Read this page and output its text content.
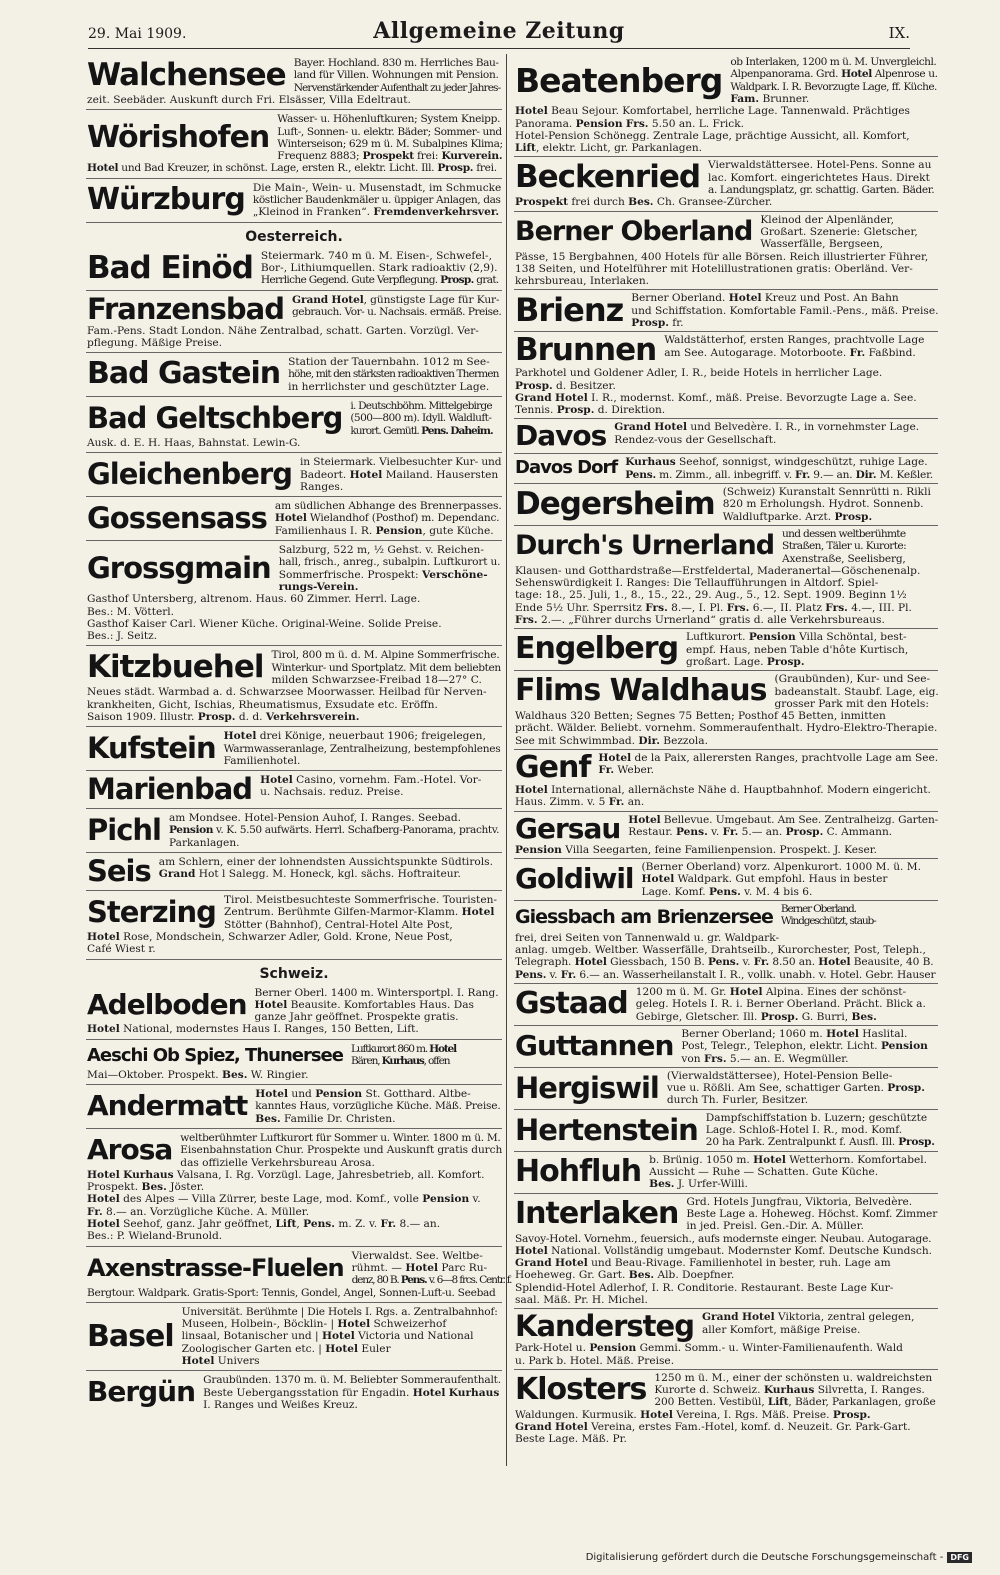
29. Mai 1909.	Allgemeine Zeitung	IX.
Walchensee Bayer. Hochland. 830 m. Herrliches Bau-
land für Villen. Wohnungen mit Pension.
Nervenstärkender Aufenthalt zu jeder Jahres-
zeit. Seebäder. Auskunft durch Fri. Elsässer, Villa Edeltraut.
Wörishofen
Wasser- u. Höhenluftkuren; System Kneipp.
Luft-, Sonnen- u. elektr. Bäder; Sommer- und
Winterseison; 629 m ü. M. Subalpines Klima;
Frequenz 8883; Prospekt frei: Kurverein.
Hotel und Bad Kreuzer, in schönst. Lage, ersten R., elektr. Licht. Ill. Prosp. frei.
Würzburg Die Main-, Wein- u. Musenstadt, im Schmucke
köstlicher Baudenkmäler u. üppiger Anlagen, das
„Kleinod in Franken“. Fremdenverkehrsver.
Oesterreich.
Bad Einöd Steiermark. 740 m ü. M. Eisen-, Schwefel-,
Bor-, Lithiumquellen. Stark radioaktiv (2,9).
Herrliche Gegend. Gute Verpflegung. Prosp. grat.
Franzensbad Grand Hotel, günstigste Lage für Kur-
gebrauch. Vor- u. Nachsais. ermäß. Preise.
Fam.-Pens. Stadt London. Nähe Zentralbad, schatt. Garten. Vorzügl. Ver-
pflegung. Mäßige Preise.
Bad Gastein Station der Tauernbahn. 1012 m See-
höhe, mit den stärksten radioaktiven Thermen
in herrlichster und geschützter Lage.
Bad Geltschberg i. Deutschböhm. Mittelgebirge
(500—800 m). Idyll. Waldluft-
kurort. Gemütl. Pens. Daheim.
Ausk. d. E. H. Haas, Bahnstat. Lewin-G.
Gleichenberg in Steiermark. Vielbesuchter Kur- und
Badeort. Hotel Mailand. Hausersten
Ranges.
Gossensass am südlichen Abhange des Brennerpasses.
Hotel Wielandhof (Posthof) m. Dependanc.
Familienhaus I. R. Pension, gute Küche.
Grossgmain
Salzburg, 522 m, ½ Gehst. v. Reichen-
hall, frisch., anreg., subalpin. Luftkurort u.
Sommerfrische. Prospekt: Verschöne-
rungs-Verein.
Gasthof Untersberg, altrenom. Haus. 60 Zimmer. Herrl. Lage.
Bes.: M. Vötterl.
Gasthof Kaiser Carl. Wiener Küche. Original-Weine. Solide Preise.
Bes.: J. Seitz.
Kitzbuehel Tirol, 800 m ü. d. M. Alpine Sommerfrische.
Winterkur- und Sportplatz. Mit dem beliebten
milden Schwarzsee-Freibad 18—27° C.
Neues städt. Warmbad a. d. Schwarzsee Moorwasser. Heilbad für Nerven-
krankheiten, Gicht, Ischias, Rheumatismus, Exsudate etc. Eröffn.
Saison 1909. Illustr. Prosp. d. d. Verkehrsverein.
Kufstein Hotel drei Könige, neuerbaut 1906; freigelegen,
Warmwasseranlage, Zentralheizung, bestempfohlenes
Familienhotel.
Marienbad Hotel Casino, vornehm. Fam.-Hotel. Vor-
u. Nachsais. reduz. Preise.
Pichl am Mondsee. Hotel-Pension Auhof, I. Ranges. Seebad.
Pension v. K. 5.50 aufwärts. Herrl. Schafberg-Panorama, prachtv.
Parkanlagen.
Seis am Schlern, einer der lohnendsten Aussichtspunkte Südtirols.
Grand Hot l Salegg. M. Honeck, kgl. sächs. Hoftraiteur.
Sterzing Tirol. Meistbesuchteste Sommerfrische. Touristen-
Zentrum. Berühmte Gilfen-Marmor-Klamm. Hotel
Stötter (Bahnhof), Central-Hotel Alte Post,
Hotel Rose, Mondschein, Schwarzer Adler, Gold. Krone, Neue Post,
Café Wiest r.
Schweiz.
Adelboden Berner Oberl. 1400 m. Wintersportpl. I. Rang.
Hotel Beausite. Komfortables Haus. Das
ganze Jahr geöffnet. Prospekte gratis.
Hotel National, modernstes Haus I. Ranges, 150 Betten, Lift.
Aeschi Ob Spiez, Thunersee Luftkurort 860 m. Hotel
Bären, Kurhaus, offen
Mai—Oktober. Prospekt. Bes. W. Ringier.
Andermatt Hotel und Pension St. Gotthard. Altbe-
kanntes Haus, vorzügliche Küche. Mäß. Preise.
Bes. Familie Dr. Christen.
Arosa weltberühmter Luftkurort für Sommer u. Winter. 1800 m ü. M.
Eisenbahnstation Chur. Prospekte und Auskunft gratis durch
das offizielle Verkehrsbureau Arosa.
Hotel Kurhaus Valsana, I. Rg. Vorzügl. Lage, Jahresbetrieb, all. Komfort.
Prospekt. Bes. Jöster.
Hotel des Alpes — Villa Zürrer, beste Lage, mod. Komf., volle Pension v.
Fr. 8.— an. Vorzügliche Küche. A. Müller.
Hotel Seehof, ganz. Jahr geöffnet, Lift, Pens. m. Z. v. Fr. 8.— an.
Bes.: P. Wieland-Brunold.
Axenstrasse-Fluelen Vierwaldst. See. Weltbe-
rühmt. — Hotel Parc Ru-
denz, 80 B. Pens. v. 6—8 frcs. Centr. f.
Bergtour. Waldpark. Gratis-Sport: Tennis, Gondel, Angel, Sonnen-Luft-u. Seebad
Basel
Universität. Berühmte | Die Hotels I. Rgs. a. Zentralbahnhof:
Museen, Holbein-, Böcklin- | Hotel Schweizerhof
linsaal, Botanischer und | Hotel Victoria und National
Zoologischer Garten etc. | Hotel Euler
Hotel Univers
Bergün Graubünden. 1370 m. ü. M. Beliebter Sommeraufenthalt.
Beste Uebergangsstation für Engadin. Hotel Kurhaus
I. Ranges und Weißes Kreuz.
Beatenberg ob Interlaken, 1200 m ü. M. Unvergleichl.
Alpenpanorama. Grd. Hotel Alpenrose u.
Waldpark. I. R. Bevorzugte Lage, ff. Küche.
Fam. Brunner.
Hotel Beau Sejour. Komfortabel, herrliche Lage. Tannenwald. Prächtiges
Panorama. Pension Frs. 5.50 an. L. Frick.
Hotel-Pension Schönegg. Zentrale Lage, prächtige Aussicht, all. Komfort,
Lift, elektr. Licht, gr. Parkanlagen.
Beckenried Vierwaldstättersee. Hotel-Pens. Sonne au
lac. Komfort. eingerichtetes Haus. Direkt
a. Landungsplatz, gr. schattig. Garten. Bäder.
Prospekt frei durch Bes. Ch. Gransee-Zürcher.
Berner Oberland Kleinod der Alpenländer,
Großart. Szenerie: Gletscher,
Wasserfälle, Bergseen,
Pässe, 15 Bergbahnen, 400 Hotels für alle Börsen. Reich illustrierter Führer,
138 Seiten, und Hotelführer mit Hotelillustrationen gratis: Oberländ. Ver-
kehrsbureau, Interlaken.
Brienz Berner Oberland. Hotel Kreuz und Post. An Bahn
und Schiffstation. Komfortable Famil.-Pens., mäß. Preise.
Prosp. fr.
Brunnen Waldstätterhof, ersten Ranges, prachtvolle Lage
am See. Autogarage. Motorboote. Fr. Faßbind.
Parkhotel und Goldener Adler, I. R., beide Hotels in herrlicher Lage.
Prosp. d. Besitzer.
Grand Hotel I. R., modernst. Komf., mäß. Preise. Bevorzugte Lage a. See.
Tennis. Prosp. d. Direktion.
Davos Grand Hotel und Belvedère. I. R., in vornehmster Lage.
Rendez-vous der Gesellschaft.
Davos Dorf Kurhaus Seehof, sonnigst, windgeschützt, ruhige Lage.
Pens. m. Zimm., all. inbegriff. v. Fr. 9.— an. Dir. M. Keßler.
Degersheim (Schweiz) Kuranstalt Sennrütti n. Rikli
820 m Erholungsh. Hydrot. Sonnenb.
Waldluftparke. Arzt. Prosp.
Durch's Urnerland und dessen weltberühmte
Straßen, Täler u. Kurorte:
Axenstraße, Seelisberg,
Klausen- und Gotthardstraße—Erstfeldertal, Maderanertal—Göschenenalp.
Sehenswürdigkeit I. Ranges: Die Tellaufführungen in Altdorf. Spiel-
tage: 18., 25. Juli, 1., 8., 15., 22., 29. Aug., 5., 12. Sept. 1909. Beginn 1½
Ende 5½ Uhr. Sperrsitz Frs. 8.—, I. Pl. Frs. 6.—, II. Platz Frs. 4.—, III. Pl.
Frs. 2.—. „Führer durchs Urnerland“ gratis d. alle Verkehrsbureaus.
Engelberg Luftkurort. Pension Villa Schöntal, best-
empf. Haus, neben Table d'hôte Kurtisch,
großart. Lage. Prosp.
Flims Waldhaus (Graubünden), Kur- und See-
badeanstalt. Staubf. Lage, eig.
grosser Park mit den Hotels:
Waldhaus 320 Betten; Segnes 75 Betten; Posthof 45 Betten, inmitten
prächt. Wälder. Beliebt. vornehm. Sommeraufenthalt. Hydro-Elektro-Therapie.
See mit Schwimmbad. Dir. Bezzola.
Genf Hotel de la Paix, allerersten Ranges, prachtvolle Lage am See.
Fr. Weber.
Hotel International, allernächste Nähe d. Hauptbahnhof. Modern eingericht.
Haus. Zimm. v. 5 Fr. an.
Gersau Hotel Bellevue. Umgebaut. Am See. Zentralheizg. Garten-
Restaur. Pens. v. Fr. 5.— an. Prosp. C. Ammann.
Pension Villa Seegarten, feine Familienpension. Prospekt. J. Keser.
Goldiwil (Berner Oberland) vorz. Alpenkurort. 1000 M. ü. M.
Hotel Waldpark. Gut empfohl. Haus in bester
Lage. Komf. Pens. v. M. 4 bis 6.
Giessbach am Brienzersee Berner Oberland.
Windgeschützt, staub-
frei, drei Seiten von Tannenwald u. gr. Waldpark-
anlag. umgeb. Weltber. Wasserfälle, Drahtseilb., Kurorchester, Post, Teleph.,
Telegraph. Hotel Giessbach, 150 B. Pens. v. Fr. 8.50 an. Hotel Beausite, 40 B.
Pens. v. Fr. 6.— an. Wasserheilanstalt I. R., vollk. unabh. v. Hotel. Gebr. Hauser
Gstaad 1200 m ü. M. Gr. Hotel Alpina. Eines der schönst-
geleg. Hotels I. R. i. Berner Oberland. Prächt. Blick a.
Gebirge, Gletscher. Ill. Prosp. G. Burri, Bes.
Guttannen Berner Oberland; 1060 m. Hotel Haslital.
Post, Telegr., Telephon, elektr. Licht. Pension
von Frs. 5.— an. E. Wegmüller.
Hergiswil (Vierwaldstättersee), Hotel-Pension Belle-
vue u. Rößli. Am See, schattiger Garten. Prosp.
durch Th. Furler, Besitzer.
Hertenstein Dampfschiffstation b. Luzern; geschützte
Lage. Schloß-Hotel I. R., mod. Komf.
20 ha Park. Zentralpunkt f. Ausfl. Ill. Prosp.
Hohfluh b. Brünig. 1050 m. Hotel Wetterhorn. Komfortabel.
Aussicht — Ruhe — Schatten. Gute Küche.
Bes. J. Urfer-Willi.
Interlaken Grd. Hotels Jungfrau, Viktoria, Belvedère.
Beste Lage a. Hoheweg. Höchst. Komf. Zimmer
in jed. Preisl. Gen.-Dir. A. Müller.
Savoy-Hotel. Vornehm., feuersich., aufs modernste einger. Neubau. Autogarage.
Hotel National. Vollständig umgebaut. Modernster Komf. Deutsche Kundsch.
Grand Hotel und Beau-Rivage. Familienhotel in bester, ruh. Lage am
Hoeheweg. Gr. Gart. Bes. Alb. Doepfner.
Splendid-Hotel Adlerhof, I. R. Conditorie. Restaurant. Beste Lage Kur-
saal. Mäß. Pr. H. Michel.
Kandersteg Grand Hotel Viktoria, zentral gelegen,
aller Komfort, mäßige Preise.
Park-Hotel u. Pension Gemmi. Somm.- u. Winter-Familienaufenth. Wald
u. Park b. Hotel. Mäß. Preise.
Klosters 1250 m ü. M., einer der schönsten u. waldreichsten
Kurorte d. Schweiz. Kurhaus Silvretta, I. Ranges.
200 Betten. Vestibül, Lift, Bäder, Parkanlagen, große
Waldungen. Kurmusik. Hotel Vereina, I. Rgs. Mäß. Preise. Prosp.
Grand Hotel Vereina, erstes Fam.-Hotel, komf. d. Neuzeit. Gr. Park-Gart.
Beste Lage. Mäß. Pr.
Digitalisierung gefördert durch die Deutsche Forschungsgemeinschaft - DFG
